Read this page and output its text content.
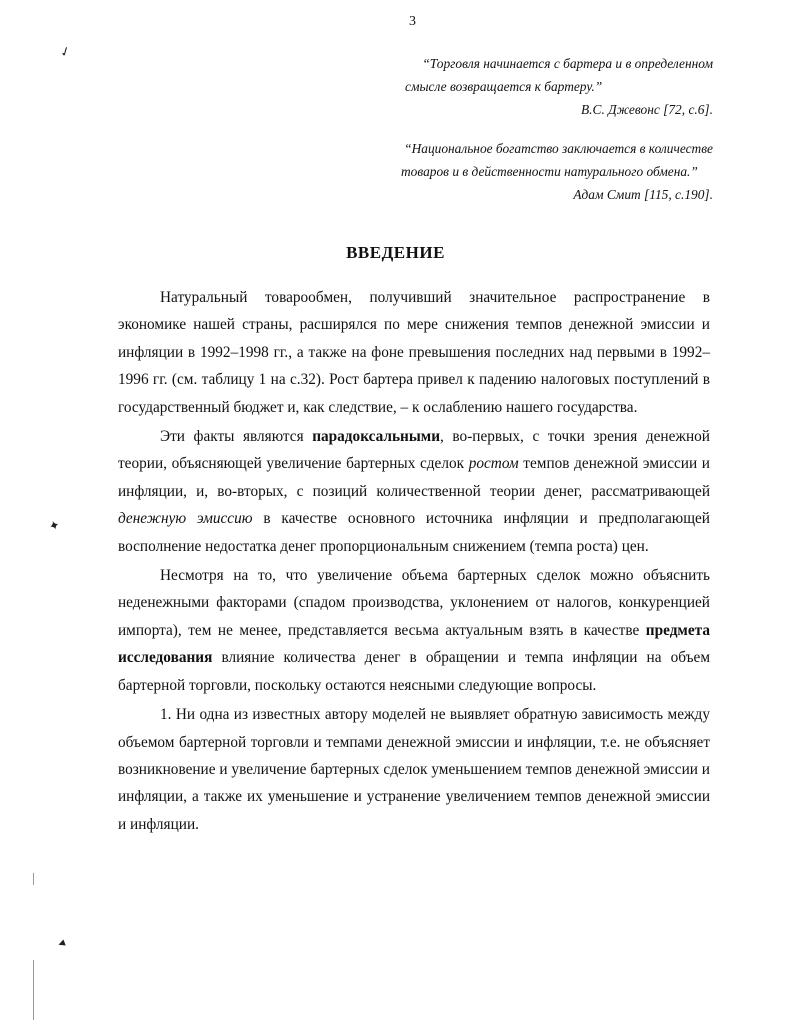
3
“Торговля начинается с бартера и в определенном
смысле возвращается к бартеру.”
В.С. Джевонс [72, с.6].
“Национальное богатство заключается в количестве
товаров и в действенности натурального обмена.”
Адам Смит [115, с.190].
ВВЕДЕНИЕ

Натуральный товарообмен, получивший значительное распространение в экономике нашей страны, расширялся по мере снижения темпов денежной эмиссии и инфляции в 1992–1998 гг., а также на фоне превышения последних над первыми в 1992–1996 гг. (см. таблицу 1 на с.32). Рост бартера привел к падению налоговых поступлений в государственный бюджет и, как следствие, – к ослаблению нашего государства.

Эти факты являются парадоксальными, во-первых, с точки зрения денежной теории, объясняющей увеличение бартерных сделок ростом темпов денежной эмиссии и инфляции, и, во-вторых, с позиций количественной теории денег, рассматривающей денежную эмиссию в качестве основного источника инфляции и предполагающей восполнение недостатка денег пропорциональным снижением (темпа роста) цен.

Несмотря на то, что увеличение объема бартерных сделок можно объяснить неденежными факторами (спадом производства, уклонением от налогов, конкуренцией импорта), тем не менее, представляется весьма актуальным взять в качестве предмета исследования влияние количества денег в обращении и темпа инфляции на объем бартерной торговли, поскольку остаются неясными следующие вопросы.

1. Ни одна из известных автору моделей не выявляет обратную зависимость между объемом бартерной торговли и темпами денежной эмиссии и инфляции, т.е. не объясняет возникновение и увеличение бартерных сделок уменьшением темпов денежной эмиссии и инфляции, а также их уменьшение и устранение увеличением темпов денежной эмиссии и инфляции.

✓
✦
◂
